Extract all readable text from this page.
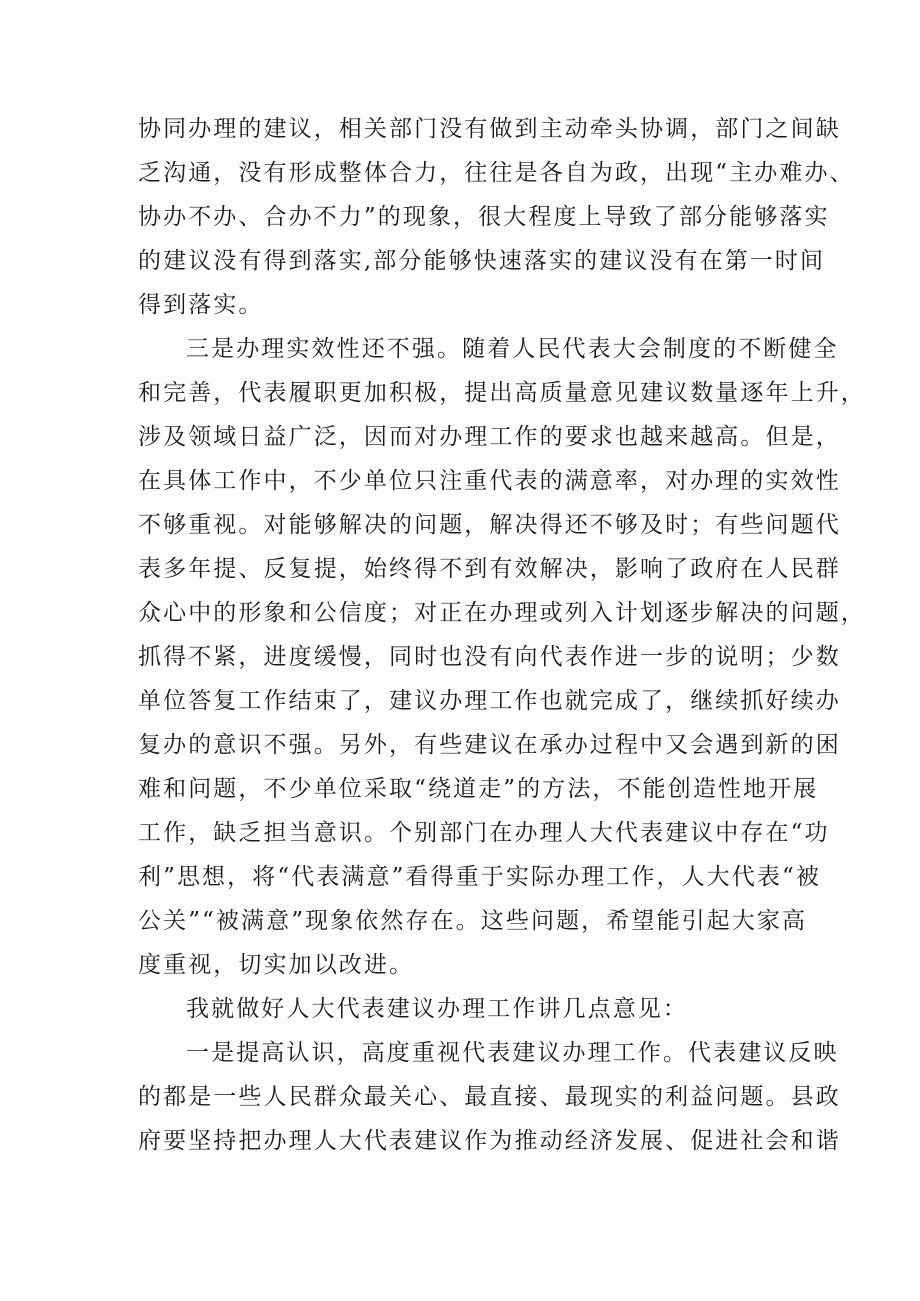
协同办理的建议，相关部门没有做到主动牵头协调，部门之间缺
乏沟通，没有形成整体合力，往往是各自为政，出现“主办难办、
协办不办、合办不力”的现象，很大程度上导致了部分能够落实
的建议没有得到落实,部分能够快速落实的建议没有在第一时间
得到落实。
三是办理实效性还不强。随着人民代表大会制度的不断健全
和完善，代表履职更加积极，提出高质量意见建议数量逐年上升，
涉及领域日益广泛，因而对办理工作的要求也越来越高。但是，
在具体工作中，不少单位只注重代表的满意率，对办理的实效性
不够重视。对能够解决的问题，解决得还不够及时；有些问题代
表多年提、反复提，始终得不到有效解决，影响了政府在人民群
众心中的形象和公信度；对正在办理或列入计划逐步解决的问题，
抓得不紧，进度缓慢，同时也没有向代表作进一步的说明；少数
单位答复工作结束了，建议办理工作也就完成了，继续抓好续办
复办的意识不强。另外，有些建议在承办过程中又会遇到新的困
难和问题，不少单位采取“绕道走”的方法，不能创造性地开展
工作，缺乏担当意识。个别部门在办理人大代表建议中存在“功
利”思想，将“代表满意”看得重于实际办理工作，人大代表“被
公关”“被满意”现象依然存在。这些问题，希望能引起大家高
度重视，切实加以改进。
我就做好人大代表建议办理工作讲几点意见：
一是提高认识，高度重视代表建议办理工作。代表建议反映
的都是一些人民群众最关心、最直接、最现实的利益问题。县政
府要坚持把办理人大代表建议作为推动经济发展、促进社会和谐
